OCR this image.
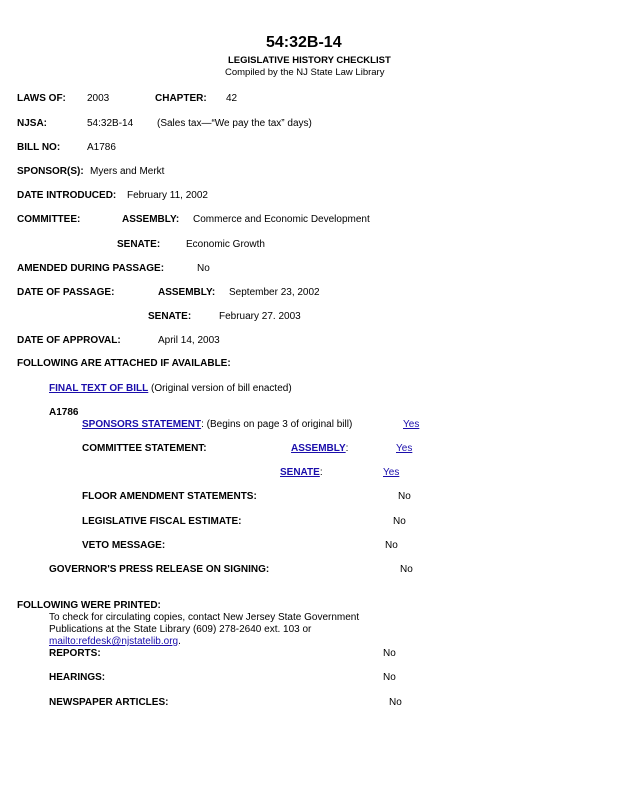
54:32B-14
LEGISLATIVE HISTORY CHECKLIST
Compiled by the NJ State Law Library
LAWS OF: 2003	CHAPTER: 42
NJSA:	54:32B-14 (Sales tax—“We pay the tax” days)
BILL NO:	A1786
SPONSOR(S): Myers and Merkt
DATE INTRODUCED: February 11, 2002
COMMITTEE:	ASSEMBLY: Commerce and Economic Development
SENATE:	Economic Growth
AMENDED DURING PASSAGE:	No
DATE OF PASSAGE:	ASSEMBLY: September 23, 2002
SENATE:	February 27. 2003
DATE OF APPROVAL:	April 14, 2003
FOLLOWING ARE ATTACHED IF AVAILABLE:
FINAL TEXT OF BILL (Original version of bill enacted)
A1786
SPONSORS STATEMENT: (Begins on page 3 of original bill)	Yes
COMMITTEE STATEMENT:	ASSEMBLY:	Yes
SENATE:	Yes
FLOOR AMENDMENT STATEMENTS:	No
LEGISLATIVE FISCAL ESTIMATE:	No
VETO MESSAGE:	No
GOVERNOR'S PRESS RELEASE ON SIGNING:	No
FOLLOWING WERE PRINTED:
To check for circulating copies, contact New Jersey State Government
Publications at the State Library (609) 278-2640 ext. 103 or
mailto:refdesk@njstatelib.org.
REPORTS:	No
HEARINGS:	No
NEWSPAPER ARTICLES:	No
